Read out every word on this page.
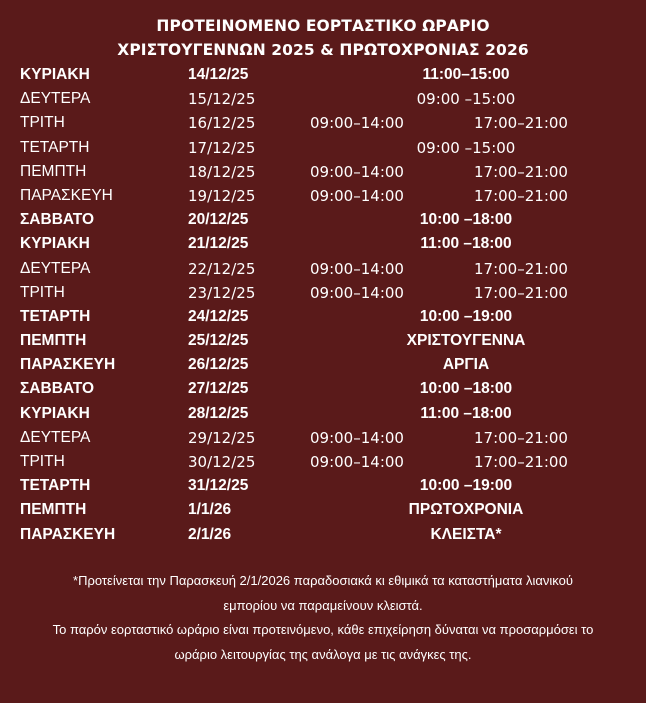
ΠΡΟΤΕΙΝΟΜΕΝΟ ΕΟΡΤΑΣΤΙΚΟ ΩΡΑΡΙΟ
ΧΡΙΣΤΟΥΓΕΝΝΩΝ 2025 & ΠΡΩΤΟΧΡΟΝΙΑΣ 2026
ΚΥΡΙΑΚΗ	14/12/25	11:00–15:00
ΔΕΥΤΕΡΑ	15/12/25	09:00 –15:00
ΤΡΙΤΗ	16/12/25	09:00–14:00	17:00–21:00
ΤΕΤΑΡΤΗ	17/12/25	09:00 –15:00
ΠΕΜΠΤΗ	18/12/25	09:00–14:00	17:00–21:00
ΠΑΡΑΣΚΕΥΗ	19/12/25	09:00–14:00	17:00–21:00
ΣΑΒΒΑΤΟ	20/12/25	10:00 –18:00
ΚΥΡΙΑΚΗ	21/12/25	11:00 –18:00
ΔΕΥΤΕΡΑ	22/12/25	09:00–14:00	17:00–21:00
ΤΡΙΤΗ	23/12/25	09:00–14:00	17:00–21:00
ΤΕΤΑΡΤΗ	24/12/25	10:00 –19:00
ΠΕΜΠΤΗ	25/12/25	ΧΡΙΣΤΟΥΓΕΝΝΑ
ΠΑΡΑΣΚΕΥΗ	26/12/25	ΑΡΓΙΑ
ΣΑΒΒΑΤΟ	27/12/25	10:00 –18:00
ΚΥΡΙΑΚΗ	28/12/25	11:00 –18:00
ΔΕΥΤΕΡΑ	29/12/25	09:00–14:00	17:00–21:00
ΤΡΙΤΗ	30/12/25	09:00–14:00	17:00–21:00
ΤΕΤΑΡΤΗ	31/12/25	10:00 –19:00
ΠΕΜΠΤΗ	1/1/26	ΠΡΩΤΟΧΡΟΝΙΑ
ΠΑΡΑΣΚΕΥΗ	2/1/26	ΚΛΕΙΣΤΑ*
*Προτείνεται την Παρασκευή 2/1/2026 παραδοσιακά κι εθιμικά τα καταστήματα λιανικού
εμπορίου να παραμείνουν κλειστά.
Το παρόν εορταστικό ωράριο είναι προτεινόμενο, κάθε επιχείρηση δύναται να προσαρμόσει το
ωράριο λειτουργίας της ανάλογα με τις ανάγκες της.
